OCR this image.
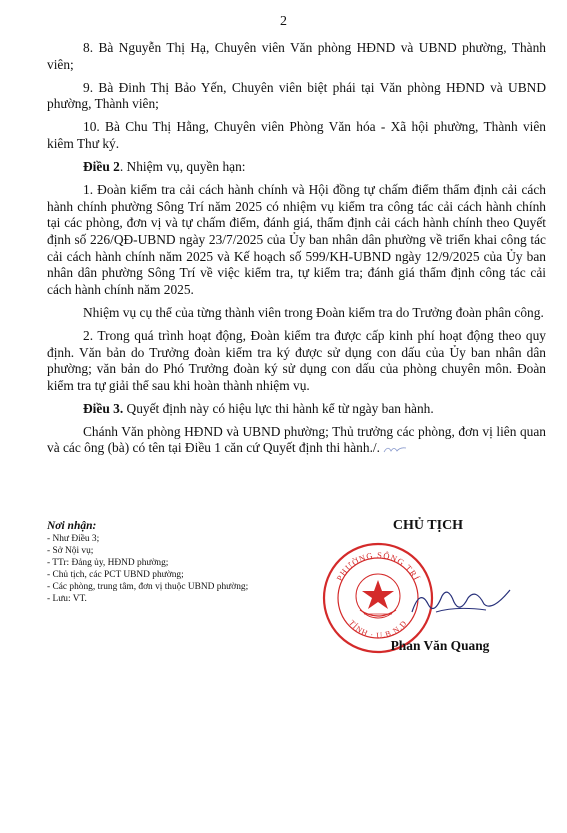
2

8. Bà Nguyễn Thị Hạ, Chuyên viên Văn phòng HĐND và UBND phường, Thành viên;

9. Bà Đinh Thị Bảo Yến, Chuyên viên biệt phái tại Văn phòng HĐND và UBND phường, Thành viên;

10. Bà Chu Thị Hằng, Chuyên viên Phòng Văn hóa - Xã hội phường, Thành viên kiêm Thư ký.

Điều 2. Nhiệm vụ, quyền hạn:

1. Đoàn kiểm tra cải cách hành chính và Hội đồng tự chấm điểm thẩm định cải cách hành chính phường Sông Trí năm 2025 có nhiệm vụ kiểm tra công tác cải cách hành chính tại các phòng, đơn vị và tự chấm điểm, đánh giá, thẩm định cải cách hành chính theo Quyết định số 226/QĐ-UBND ngày 23/7/2025 của Ủy ban nhân dân phường về triển khai công tác cải cách hành chính năm 2025 và Kế hoạch số 599/KH-UBND ngày 12/9/2025 của Ủy ban nhân dân phường Sông Trí về việc kiểm tra, tự kiểm tra; đánh giá thẩm định công tác cải cách hành chính năm 2025.

Nhiệm vụ cụ thể của từng thành viên trong Đoàn kiểm tra do Trưởng đoàn phân công.

2. Trong quá trình hoạt động, Đoàn kiểm tra được cấp kinh phí hoạt động theo quy định. Văn bản do Trưởng đoàn kiểm tra ký được sử dụng con dấu của Ủy ban nhân dân phường; văn bản do Phó Trưởng đoàn ký sử dụng con dấu của phòng chuyên môn. Đoàn kiểm tra tự giải thể sau khi hoàn thành nhiệm vụ.

Điều 3. Quyết định này có hiệu lực thi hành kể từ ngày ban hành.

Chánh Văn phòng HĐND và UBND phường; Thủ trưởng các phòng, đơn vị liên quan và các ông (bà) có tên tại Điều 1 căn cứ Quyết định thi hành./.

Nơi nhận:
- Như Điều 3;
- Sở Nội vụ;
- TTr: Đảng ủy, HĐND phường;
- Chủ tịch, các PCT UBND phường;
- Các phòng, trung tâm, đơn vị thuộc UBND phường;
- Lưu: VT.
CHỦ TỊCH
PHƯỜNG SÔNG TRÍ
TỈNH · U.B.N.D
Phan Văn Quang
